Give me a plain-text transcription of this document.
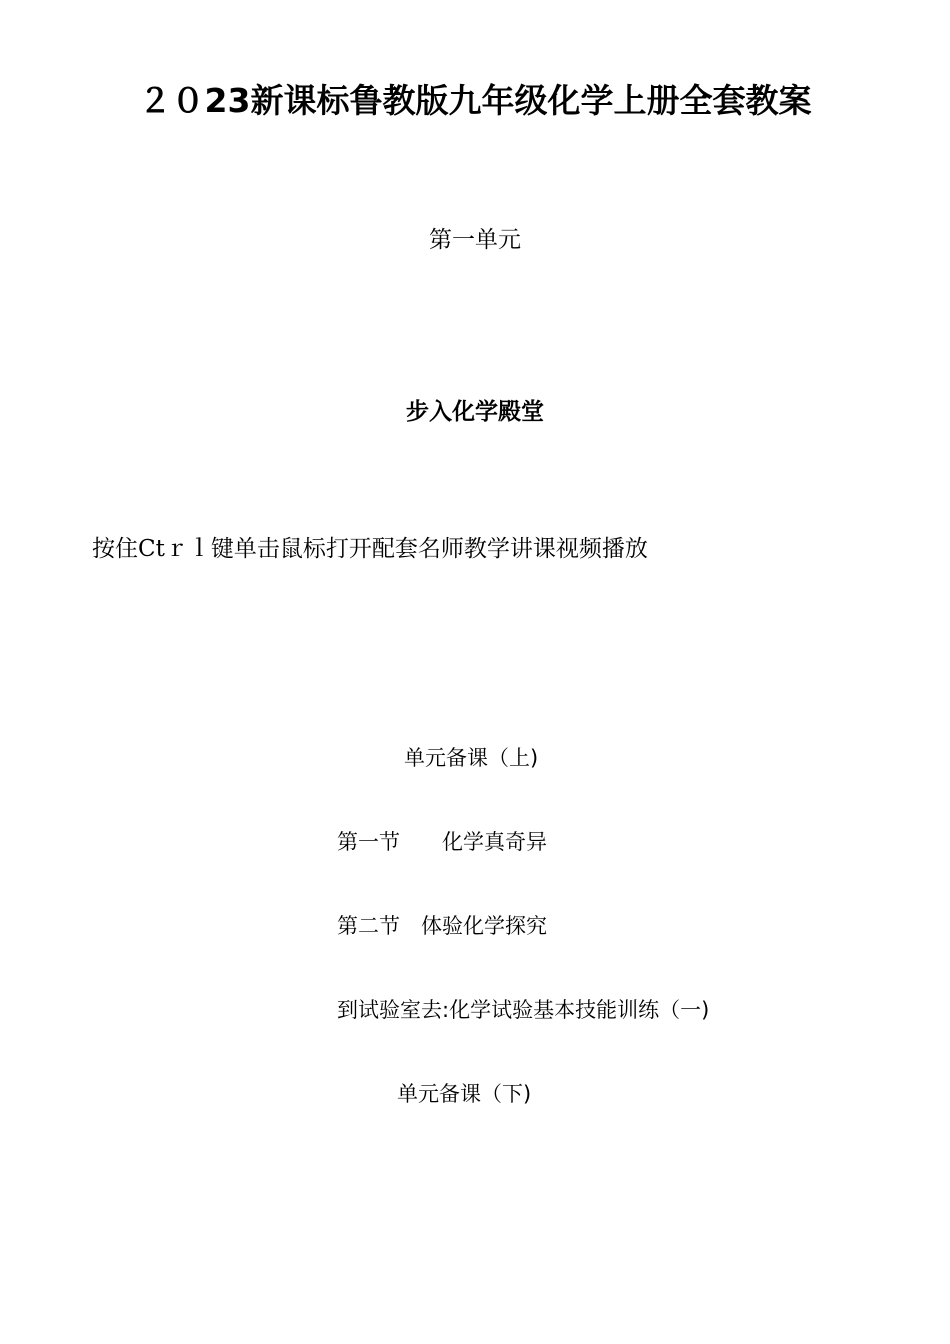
２０23新课标鲁教版九年级化学上册全套教案
第一单元
步入化学殿堂
按住Ctｒｌ键单击鼠标打开配套名师教学讲课视频播放
单元备课（上)
第一节　　化学真奇异
第二节　体验化学探究
到试验室去:化学试验基本技能训练（一)
单元备课（下)
